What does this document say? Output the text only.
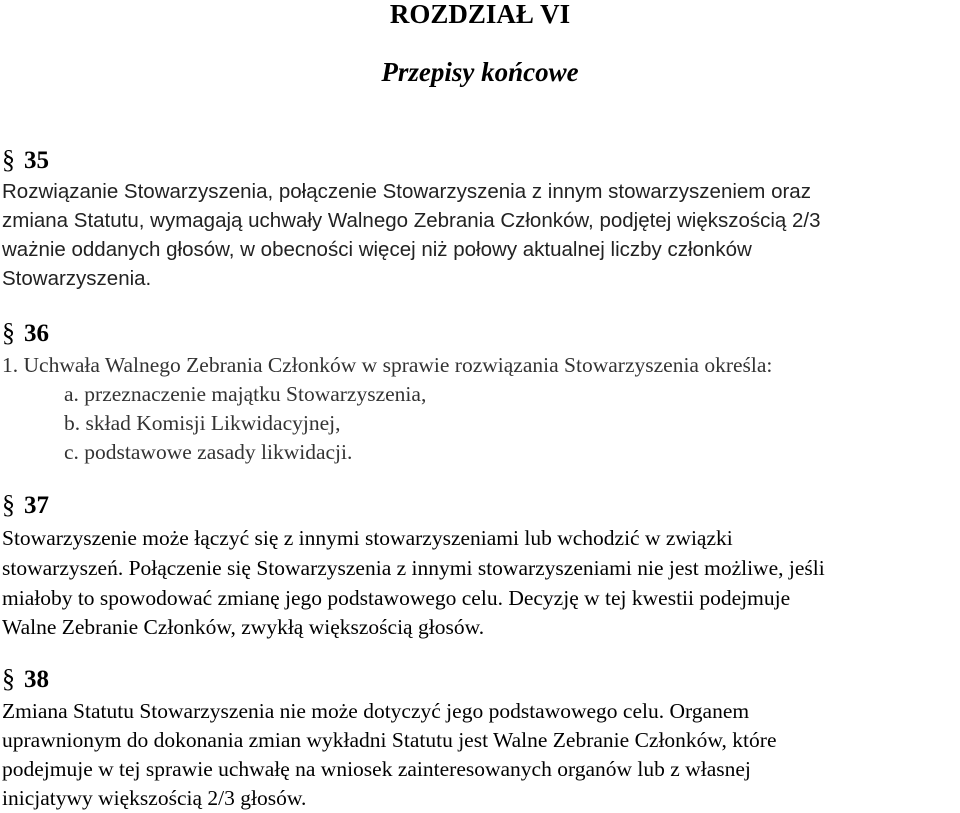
ROZDZIAŁ VI
Przepisy końcowe
§ 35
Rozwiązanie Stowarzyszenia, połączenie Stowarzyszenia z innym stowarzyszeniem oraz
zmiana Statutu, wymagają uchwały Walnego Zebrania Członków, podjętej większością 2/3
ważnie oddanych głosów, w obecności więcej niż połowy aktualnej liczby członków
Stowarzyszenia.
§ 36
1. Uchwała Walnego Zebrania Członków w sprawie rozwiązania Stowarzyszenia określa:
a. przeznaczenie majątku Stowarzyszenia,
b. skład Komisji Likwidacyjnej,
c. podstawowe zasady likwidacji.
§ 37
Stowarzyszenie może łączyć się z innymi stowarzyszeniami lub wchodzić w związki
stowarzyszeń. Połączenie się Stowarzyszenia z innymi stowarzyszeniami nie jest możliwe, jeśli
miałoby to spowodować zmianę jego podstawowego celu. Decyzję w tej kwestii podejmuje
Walne Zebranie Członków, zwykłą większością głosów.
§ 38
Zmiana Statutu Stowarzyszenia nie może dotyczyć jego podstawowego celu. Organem
uprawnionym do dokonania zmian wykładni Statutu jest Walne Zebranie Członków, które
podejmuje w tej sprawie uchwałę na wniosek zainteresowanych organów lub z własnej
inicjatywy większością 2/3 głosów.
